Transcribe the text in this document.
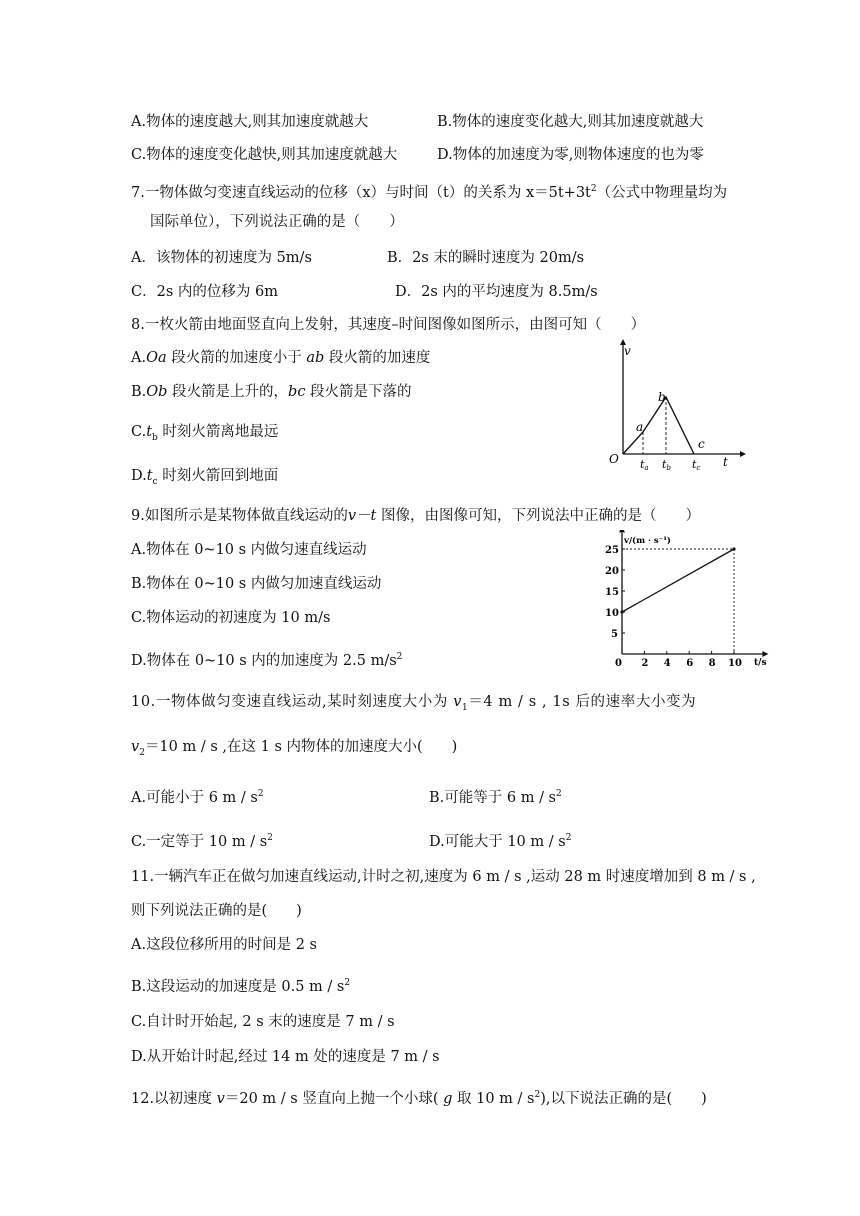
A.物体的速度越大,则其加速度就越大	B.物体的速度变化越大,则其加速度就越大
C.物体的速度变化越快,则其加速度就越大	D.物体的加速度为零,则物体速度的也为零
7.一物体做匀变速直线运动的位移（x）与时间（t）的关系为 $x=5t+3t^2$（公式中物理量均为
国际单位），下列说法正确的是（　　）
A．该物体的初速度为 5m/s	B．2s 末的瞬时速度为 20m/s
C．2s 内的位移为 6m	D．2s 内的平均速度为 8.5m/s
8.一枚火箭由地面竖直向上发射，其速度–时间图像如图所示，由图可知（　　）
A.Oa 段火箭的加速度小于 ab 段火箭的加速度
B.Ob 段火箭是上升的，bc 段火箭是下落的
$C.t_b$ 时刻火箭离地最远
$D.t_c$ 时刻火箭回到地面
v
t
O
a
b
c
ta tb tc
9.如图所示是某物体做直线运动的v－t 图像，由图像可知，下列说法中正确的是（　　）
A.物体在 0~10 s 内做匀速直线运动
B.物体在 0~10 s 内做匀加速直线运动
C.物体运动的初速度为 10 m/s
D.物体在 0~10 s 内的加速度为 2.5 $m/s^2$
v/(m · s⁻¹)
t/s
0 2 4 6 8 10
5
10
15
20
25
10.一物体做匀变速直线运动,某时刻速度大小为 $v_1=4$ m / s , 1s 后的速率大小变为
$v_2=10$ m / s ,在这 1 s 内物体的加速度大小(　　)
A.可能小于 6 m / $s^2$	B.可能等于 6 m / $s^2$
C.一定等于 10 m / $s^2$	D.可能大于 10 m / $s^2$
11.一辆汽车正在做匀加速直线运动,计时之初,速度为 6 m / s ,运动 28 m 时速度增加到 8 m / s ,
则下列说法正确的是(　　)
A.这段位移所用的时间是 2 s
B.这段运动的加速度是 0.5 m / $s^2$
C.自计时开始起, 2 s 末的速度是 7 m / s
D.从开始计时起,经过 14 m 处的速度是 7 m / s
12.以初速度 v＝20 m / s 竖直向上抛一个小球( g 取 10 m / $s^2$),以下说法正确的是(　　)
